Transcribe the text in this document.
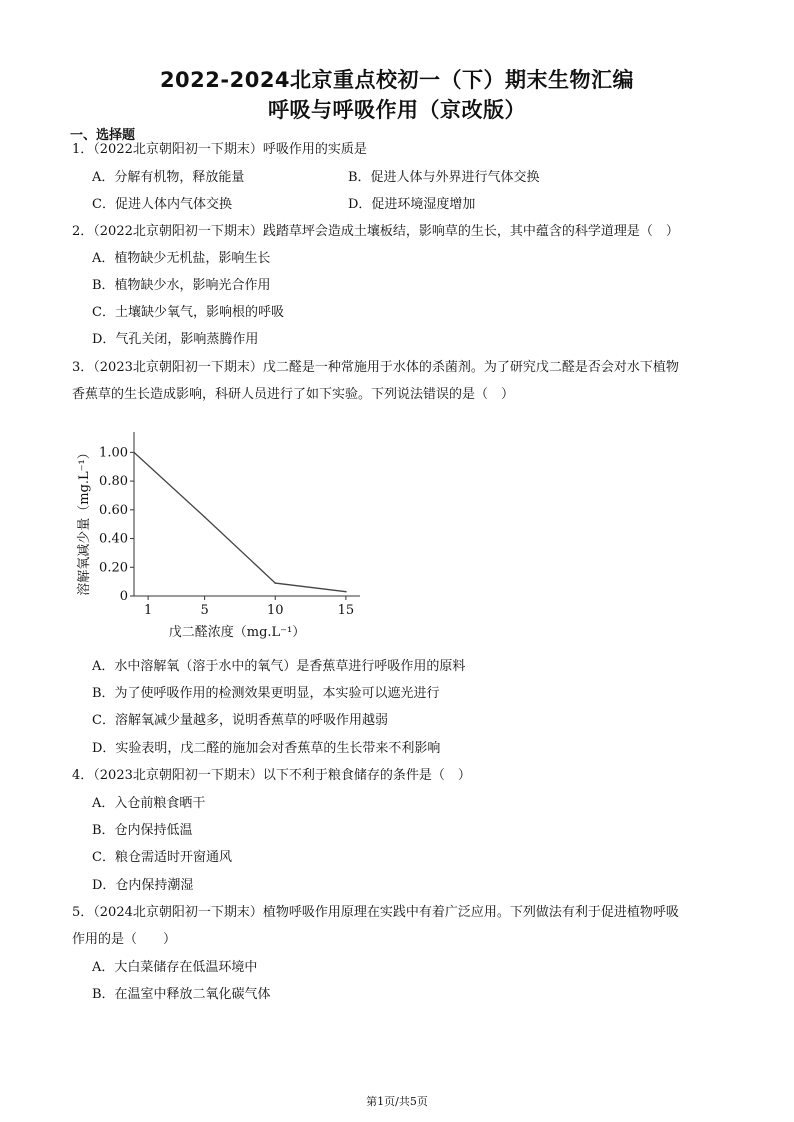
2022-2024北京重点校初一（下）期末生物汇编
呼吸与呼吸作用（京改版）
一、选择题
1．（2022北京朝阳初一下期末）呼吸作用的实质是
A．分解有机物，释放能量	B．促进人体与外界进行气体交换
C．促进人体内气体交换	D．促进环境湿度增加
2．（2022北京朝阳初一下期末）践踏草坪会造成土壤板结，影响草的生长，其中蕴含的科学道理是（　）
A．植物缺少无机盐，影响生长
B．植物缺少水，影响光合作用
C．土壤缺少氧气，影响根的呼吸
D．气孔关闭，影响蒸腾作用
3．（2023北京朝阳初一下期末）戊二醛是一种常施用于水体的杀菌剂。为了研究戊二醛是否会对水下植物
香蕉草的生长造成影响，科研人员进行了如下实验。下列说法错误的是（　）
1.00
0.80
0.60
0.40
0.20
0
1	5	10	15
戊二醛浓度（mg.L⁻¹）
溶解氧减少量（mg.L⁻¹）
A．水中溶解氧（溶于水中的氧气）是香蕉草进行呼吸作用的原料
B．为了使呼吸作用的检测效果更明显，本实验可以遮光进行
C．溶解氧减少量越多，说明香蕉草的呼吸作用越弱
D．实验表明，戊二醛的施加会对香蕉草的生长带来不利影响
4．（2023北京朝阳初一下期末）以下不利于粮食储存的条件是（　）
A．入仓前粮食晒干
B．仓内保持低温
C．粮仓需适时开窗通风
D．仓内保持潮湿
5．（2024北京朝阳初一下期末）植物呼吸作用原理在实践中有着广泛应用。下列做法有利于促进植物呼吸
作用的是（　　）
A．大白菜储存在低温环境中
B．在温室中释放二氧化碳气体
第1页/共5页
